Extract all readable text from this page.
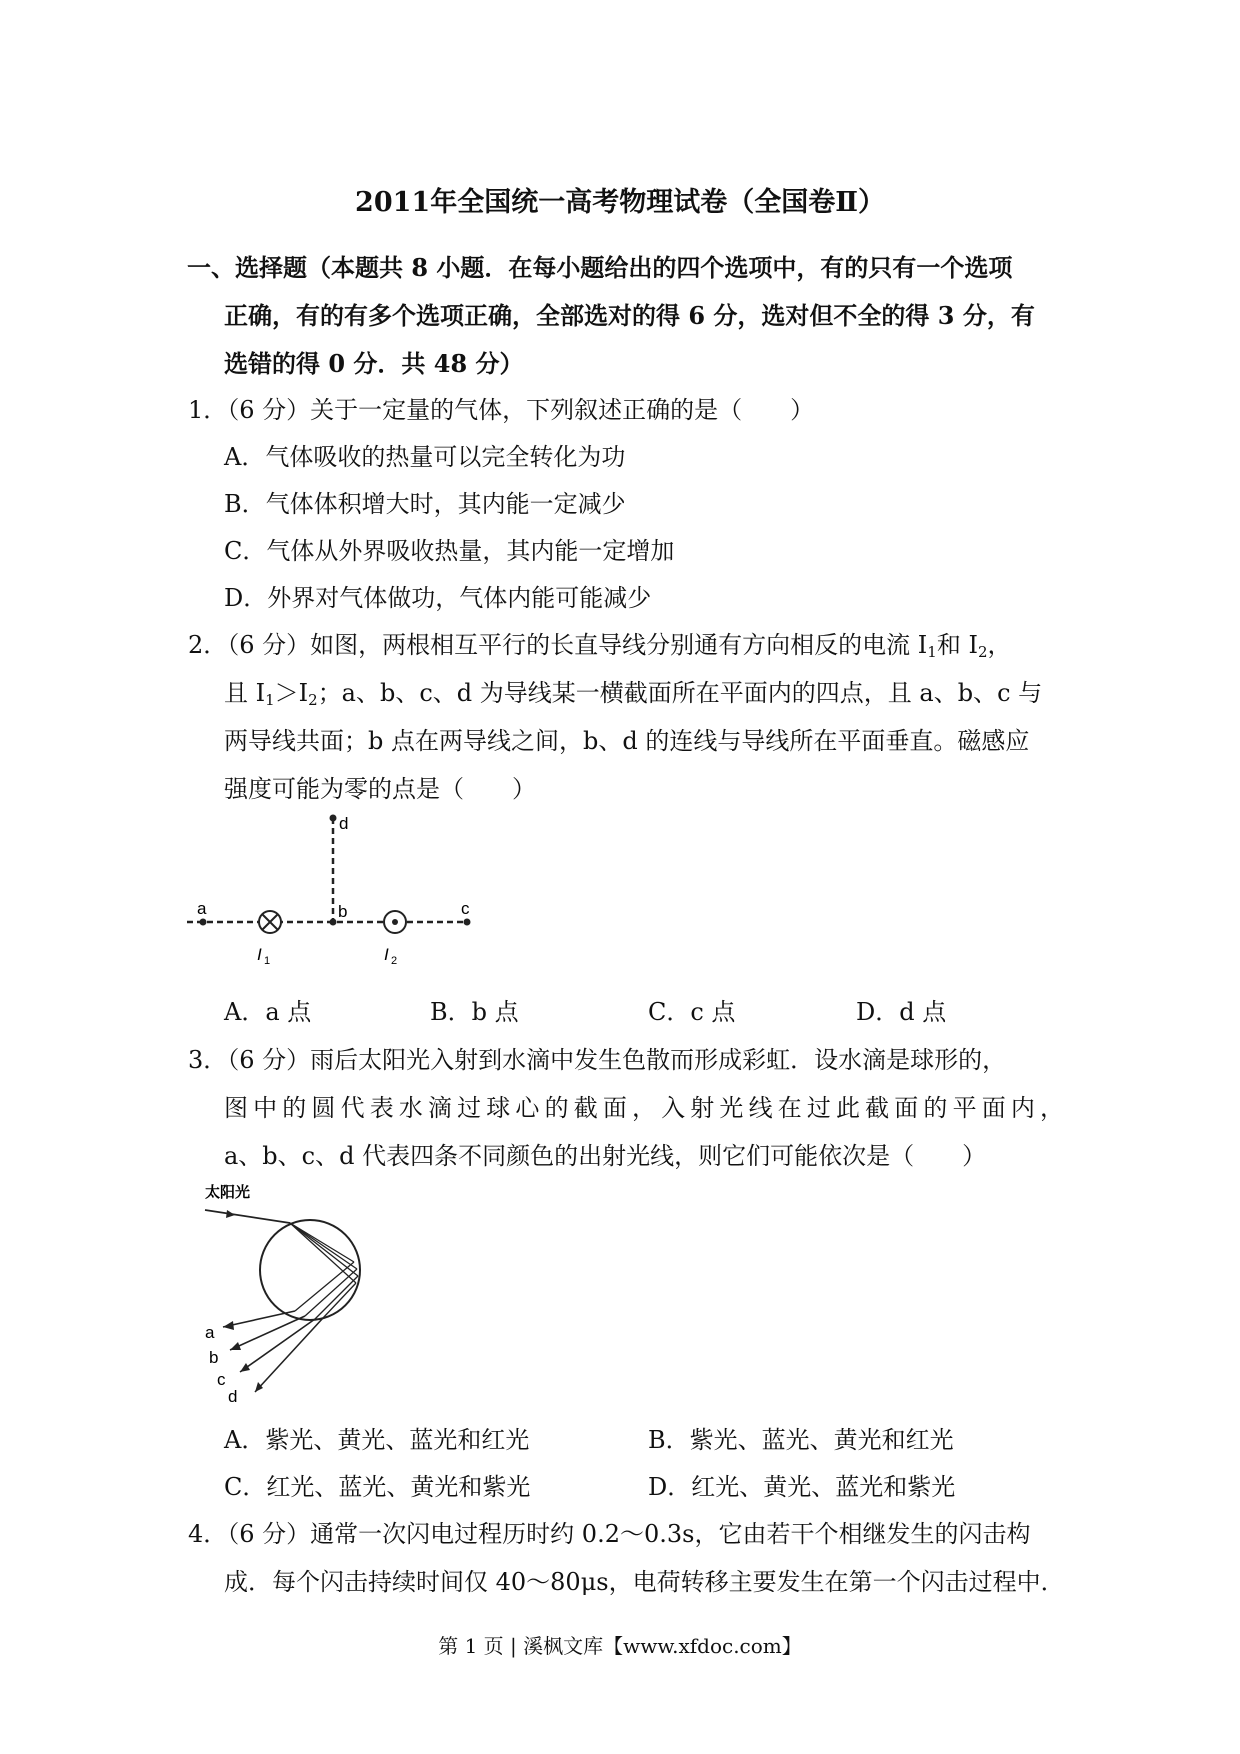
2011年全国统一高考物理试卷（全国卷Ⅱ）
一、选择题（本题共 8 小题．在每小题给出的四个选项中，有的只有一个选项
正确，有的有多个选项正确，全部选对的得 6 分，选对但不全的得 3 分，有
选错的得 0 分．共 48 分）
1．（6 分）关于一定量的气体，下列叙述正确的是（　　）
A．气体吸收的热量可以完全转化为功
B．气体体积增大时，其内能一定减少
C．气体从外界吸收热量，其内能一定增加
D．外界对气体做功，气体内能可能减少
2．（6 分）如图，两根相互平行的长直导线分别通有方向相反的电流 $I_1$和 $I_2$，
且 $I_1>I_2$；a、b、c、d 为导线某一横截面所在平面内的四点，且 a、b、c 与
两导线共面；b 点在两导线之间，b、d 的连线与导线所在平面垂直。磁感应
强度可能为零的点是（　　）
a	b	c
d
I 1	I 2
A．a 点	B．b 点	C．c 点	D．d 点
3．（6 分）雨后太阳光入射到水滴中发生色散而形成彩虹．设水滴是球形的，
图中的圆代表水滴过球心的截面，入射光线在过此截面的平面内，
a、b、c、d 代表四条不同颜色的出射光线，则它们可能依次是（　　）
太阳光
a
b
c
d
A．紫光、黄光、蓝光和红光	B．紫光、蓝光、黄光和红光
C．红光、蓝光、黄光和紫光	D．红光、黄光、蓝光和紫光
4．（6 分）通常一次闪电过程历时约 0.2～0.3s，它由若干个相继发生的闪击构
成．每个闪击持续时间仅 40～80μs，电荷转移主要发生在第一个闪击过程中．
第 1 页 | 溪枫文库【www.xfdoc.com】
